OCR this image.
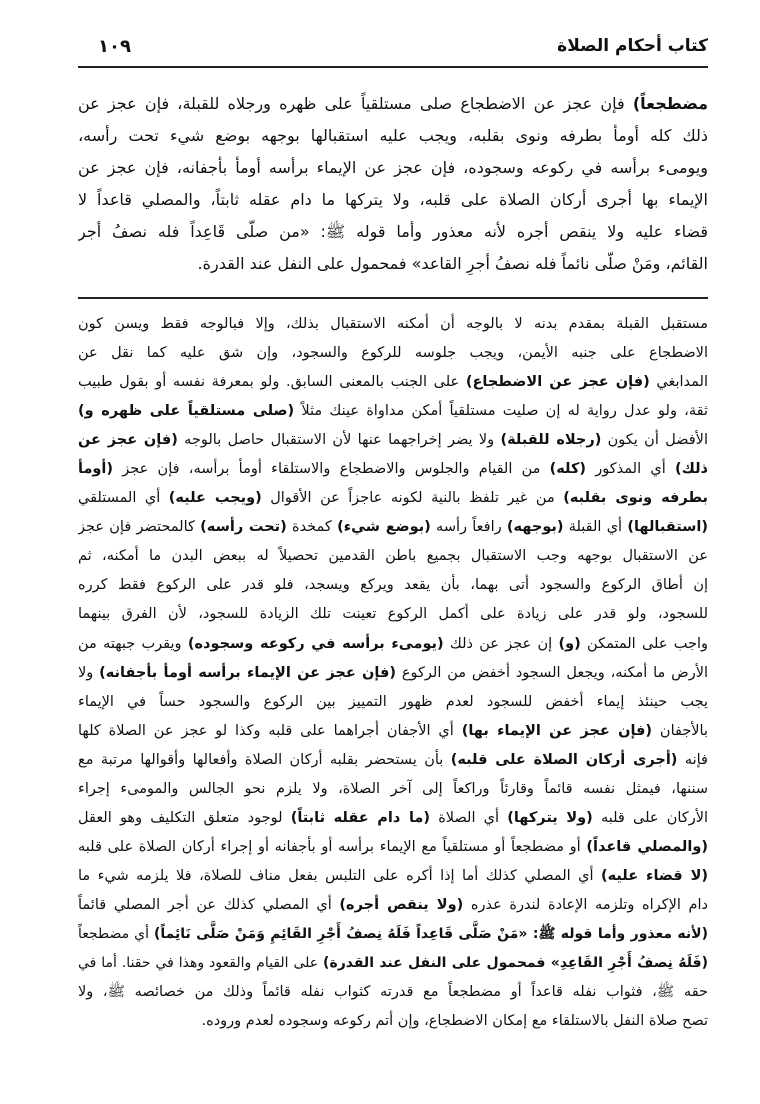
كتاب أحكام الصلاة
١٠٩
مضطجعاً) فإن عجز عن الاضطجاع صلى مستلقياً على ظهره ورجلاه للقبلة، فإن عجز عن
ذلك كله أومأ بطرفه ونوى بقلبه، ويجب عليه استقبالها بوجهه بوضع شيء تحت رأسه،
ويومىء برأسه في ركوعه وسجوده، فإن عجز عن الإيماء برأسه أومأ بأجفانه، فإن عجز عن
الإيماء بها أجرى أركان الصلاة على قلبه، ولا يتركها ما دام عقله ثابتاً، والمصلي قاعداً لا
قضاء عليه ولا ينقص أجره لأنه معذور وأما قوله ﷺ: «من صلّى قَاعِداً فله نصفُ أجر
القائم، ومَنْ صلّى نائماً فله نصفُ أجرِ القاعد» فمحمول على النفل عند القدرة.
مستقبل القبلة بمقدم بدنه لا بالوجه أن أمكنه الاستقبال بذلك، وإلا فبالوجه فقط ويسن كون
الاضطجاع على جنبه الأيمن، ويجب جلوسه للركوع والسجود، وإن شق عليه كما نقل عن
المدابغي (فإن عجز عن الاضطجاع) على الجنب بالمعنى السابق. ولو بمعرفة نفسه أو بقول طبيب
ثقة، ولو عدل رواية له إن صليت مستلقياً أمكن مداواة عينك مثلاً (صلى مستلقياً على ظهره و)
الأفضل أن يكون (رجلاه للقبلة) ولا يضر إخراجهما عنها لأن الاستقبال حاصل بالوجه (فإن عجز عن
ذلك) أي المذكور (كله) من القيام والجلوس والاضطجاع والاستلقاء أومأ برأسه، فإن عجز (أومأ
بطرفه ونوى بقلبه) من غير تلفظ بالنية لكونه عاجزاً عن الأقوال (ويجب عليه) أي المستلقي
(استقبالها) أي القبلة (بوجهه) رافعاً رأسه (بوضع شيء) كمخدة (تحت رأسه) كالمحتضر فإن عجز
عن الاستقبال بوجهه وجب الاستقبال بجميع باطن القدمين تحصيلاً له ببعض البدن ما أمكنه، ثم
إن أطاق الركوع والسجود أتى بهما، بأن يقعد ويركع ويسجد، فلو قدر على الركوع فقط كرره
للسجود، ولو قدر على زيادة على أكمل الركوع تعينت تلك الزيادة للسجود، لأن الفرق بينهما
واجب على المتمكن (و) إن عجز عن ذلك (يومىء برأسه في ركوعه وسجوده) ويقرب جبهته من
الأرض ما أمكنه، ويجعل السجود أخفض من الركوع (فإن عجز عن الإيماء برأسه أومأ بأجفانه) ولا
يجب حينئذ إيماء أخفض للسجود لعدم ظهور التمييز بين الركوع والسجود حساً في الإيماء
بالأجفان (فإن عجز عن الإيماء بها) أي الأجفان أجراهما على قلبه وكذا لو عجز عن الصلاة كلها
فإنه (أجرى أركان الصلاة على قلبه) بأن يستحضر بقلبه أركان الصلاة وأفعالها وأقوالها مرتبة مع
سننها، فيمثل نفسه قائماً وقارئاً وراكعاً إلى آخر الصلاة، ولا يلزم نحو الجالس والمومىء إجراء
الأركان على قلبه (ولا يتركها) أي الصلاة (ما دام عقله ثابتاً) لوجود متعلق التكليف وهو العقل
(والمصلي قاعداً) أو مضطجعاً أو مستلقياً مع الإيماء برأسه أو بأجفانه أو إجراء أركان الصلاة على قلبه
(لا قضاء عليه) أي المصلي كذلك أما إذا أكره على التلبس بفعل مناف للصلاة، فلا يلزمه شيء ما
دام الإكراه وتلزمه الإعادة لندرة عذره (ولا ينقص أجره) أي المصلي كذلك عن أجر المصلي قائماً
(لأنه معذور وأما قوله ﷺ: «مَنْ صَلَّى قَاعِداً فَلَهُ نِصفُ أَجْرِ القَائِمِ وَمَنْ صَلَّى نَائِماً) أي مضطجعاً
(فَلَهُ نِصفُ أَجْرِ القَاعِدِ» فمحمول على النفل عند القدرة) على القيام والقعود وهذا في حقنا. أما في
حقه ﷺ، فثواب نفله قاعداً أو مضطجعاً مع قدرته كثواب نفله قائماً وذلك من خصائصه ﷺ، ولا
تصح صلاة النفل بالاستلقاء مع إمكان الاضطجاع، وإن أتم ركوعه وسجوده لعدم وروده.
